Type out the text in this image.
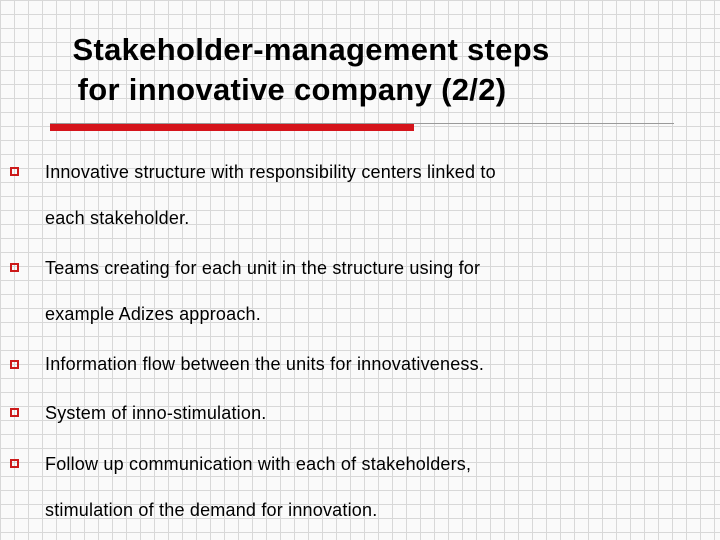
Stakeholder-management steps
for innovative company (2/2)
Innovative structure with responsibility centers linked to
each stakeholder.
Teams creating for each unit in the structure using for
example Adizes approach.
Information flow between the units for innovativeness.
System of inno-stimulation.
Follow up communication with each of stakeholders,
stimulation of the demand for innovation.
